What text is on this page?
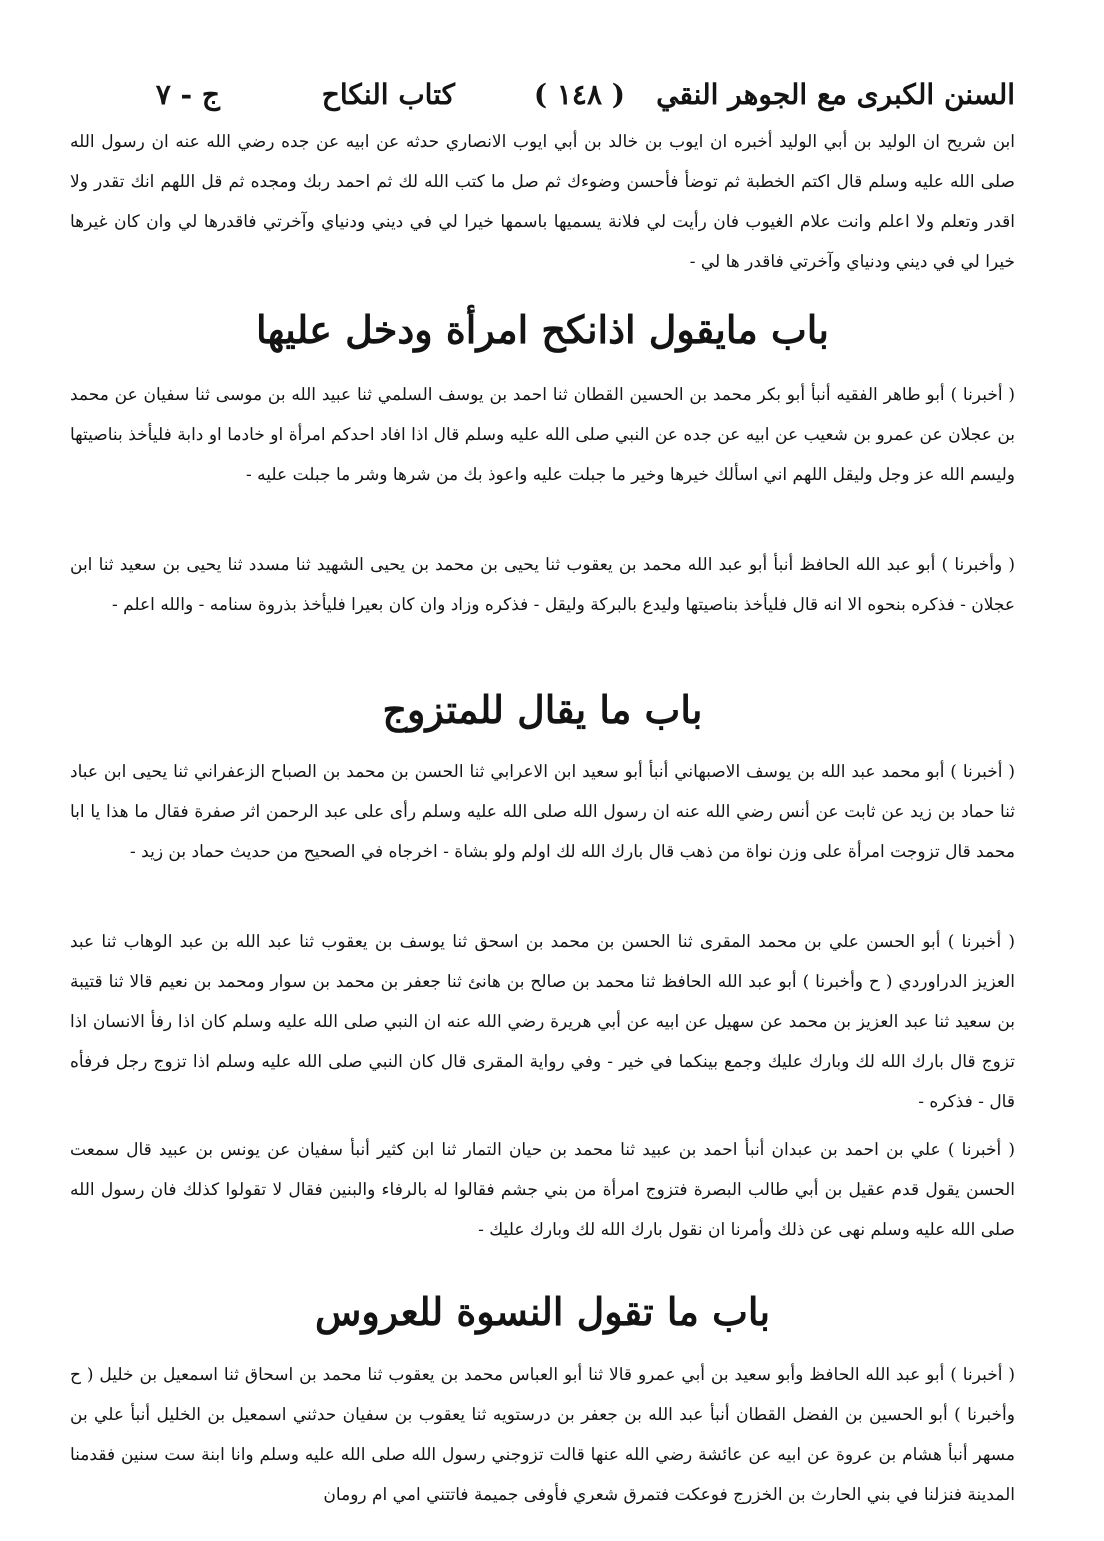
السنن الكبرى مع الجوهر النقي
( ١٤٨ )
كتاب النكاح
ج - ٧

ابن شريح ان الوليد بن أبي الوليد أخبره ان ايوب بن خالد بن أبي ايوب الانصاري حدثه عن ابيه عن جده رضي الله عنه ان رسول الله صلى الله عليه وسلم قال اكتم الخطبة ثم توضأ فأحسن وضوءك ثم صل ما كتب الله لك ثم احمد ربك ومجده ثم قل اللهم انك تقدر ولا اقدر وتعلم ولا اعلم وانت علام الغيوب فان رأيت لي فلانة يسميها باسمها خيرا لي في ديني ودنياي وآخرتي فاقدرها لي وان كان غيرها خيرا لي في ديني ودنياي وآخرتي فاقدر ها لي -

باب مايقول اذانكح امرأة ودخل عليها

( أخبرنا ) أبو طاهر الفقيه أنبأ أبو بكر محمد بن الحسين القطان ثنا احمد بن يوسف السلمي ثنا عبيد الله بن موسى ثنا سفيان عن محمد بن عجلان عن عمرو بن شعيب عن ابيه عن جده عن النبي صلى الله عليه وسلم قال اذا افاد احدكم امرأة او خادما او دابة فليأخذ بناصيتها وليسم الله عز وجل وليقل اللهم اني اسألك خيرها وخير ما جبلت عليه واعوذ بك من شرها وشر ما جبلت عليه -

( وأخبرنا ) أبو عبد الله الحافظ أنبأ أبو عبد الله محمد بن يعقوب ثنا يحيى بن محمد بن يحيى الشهيد ثنا مسدد ثنا يحيى بن سعيد ثنا ابن عجلان - فذكره بنحوه الا انه قال فليأخذ بناصيتها وليدع بالبركة وليقل - فذكره وزاد وان كان بعيرا فليأخذ بذروة سنامه - والله اعلم -

باب ما يقال للمتزوج

( أخبرنا ) أبو محمد عبد الله بن يوسف الاصبهاني أنبأ أبو سعيد ابن الاعرابي ثنا الحسن بن محمد بن الصباح الزعفراني ثنا يحيى ابن عباد ثنا حماد بن زيد عن ثابت عن أنس رضي الله عنه ان رسول الله صلى الله عليه وسلم رأى على عبد الرحمن اثر صفرة فقال ما هذا يا ابا محمد قال تزوجت امرأة على وزن نواة من ذهب قال بارك الله لك اولم ولو بشاة - اخرجاه في الصحيح من حديث حماد بن زيد -

( أخبرنا ) أبو الحسن علي بن محمد المقرى ثنا الحسن بن محمد بن اسحق ثنا يوسف بن يعقوب ثنا عبد الله بن عبد الوهاب ثنا عبد العزيز الدراوردي ( ح وأخبرنا ) أبو عبد الله الحافظ ثنا محمد بن صالح بن هانئ ثنا جعفر بن محمد بن سوار ومحمد بن نعيم قالا ثنا قتيبة بن سعيد ثنا عبد العزيز بن محمد عن سهيل عن ابيه عن أبي هريرة رضي الله عنه ان النبي صلى الله عليه وسلم كان اذا رفأ الانسان اذا تزوج قال بارك الله لك وبارك عليك وجمع بينكما في خير - وفي رواية المقرى قال كان النبي صلى الله عليه وسلم اذا تزوج رجل فرفأه قال - فذكره -

( أخبرنا ) علي بن احمد بن عبدان أنبأ احمد بن عبيد ثنا محمد بن حيان التمار ثنا ابن كثير أنبأ سفيان عن يونس بن عبيد قال سمعت الحسن يقول قدم عقيل بن أبي طالب البصرة فتزوج امرأة من بني جشم فقالوا له بالرفاء والبنين فقال لا تقولوا كذلك فان رسول الله صلى الله عليه وسلم نهى عن ذلك وأمرنا ان نقول بارك الله لك وبارك عليك -

باب ما تقول النسوة للعروس

( أخبرنا ) أبو عبد الله الحافظ وأبو سعيد بن أبي عمرو قالا ثنا أبو العباس محمد بن يعقوب ثنا محمد بن اسحاق ثنا اسمعيل بن خليل ( ح وأخبرنا ) أبو الحسين بن الفضل القطان أنبأ عبد الله بن جعفر بن درستويه ثنا يعقوب بن سفيان حدثني اسمعيل بن الخليل أنبأ علي بن مسهر أنبأ هشام بن عروة عن ابيه عن عائشة رضي الله عنها قالت تزوجني رسول الله صلى الله عليه وسلم وانا ابنة ست سنين فقدمنا المدينة فنزلنا في بني الحارث بن الخزرج فوعكت فتمرق شعري فأوفى جميمة فاتتني امي ام رومان
